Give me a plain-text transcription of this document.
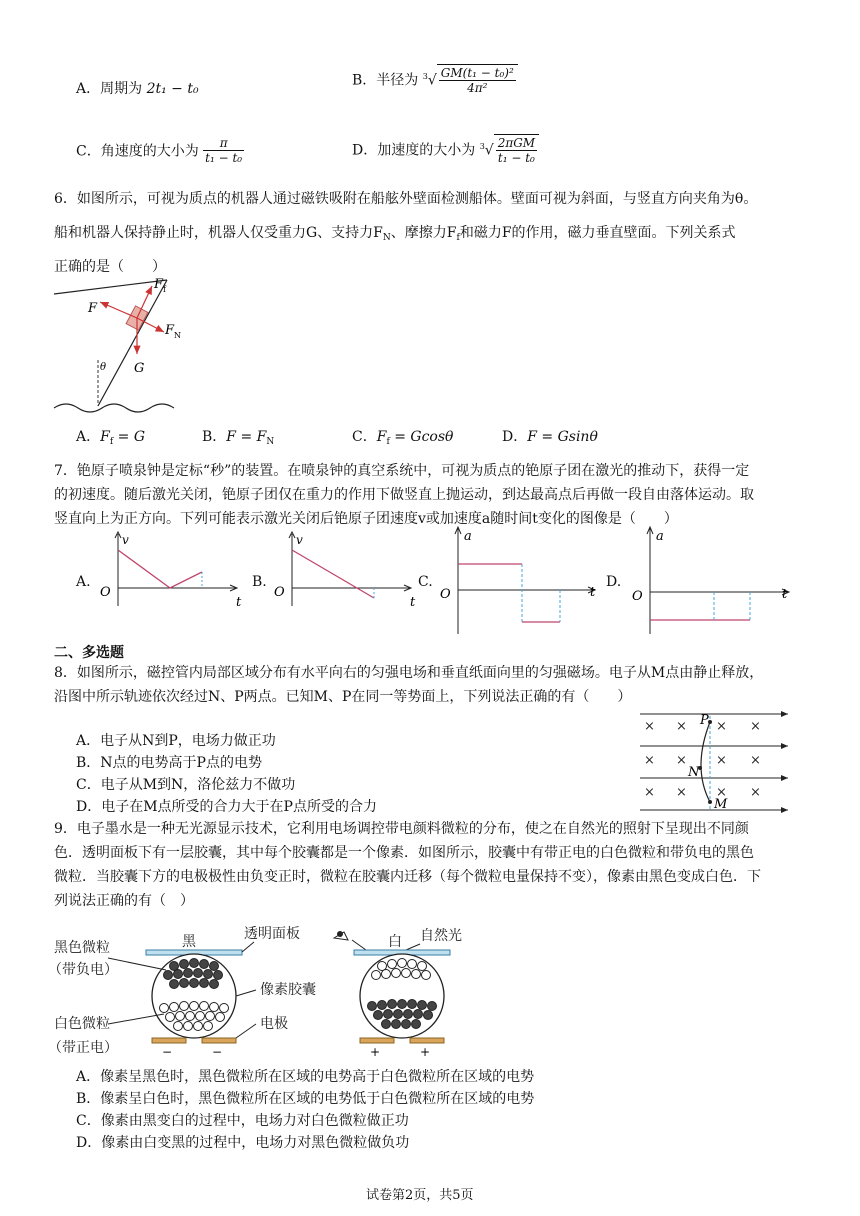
A．周期为 2t₁ − t₀
B．半径为 $^3√ \frac{\text{GM(t₁ − t₀)²}}{\text{4π²}}$
C．角速度的大小为 $\frac{\pi}{\text{t₁ − t₀}}$	D．加速度的大小为 $^3√ \frac{\text{2πGM}}{\text{t₁ − t₀}}$
6．如图所示，可视为质点的机器人通过磁铁吸附在船舷外壁面检测船体。壁面可视为斜面，与竖直方向夹角为θ。
船和机器人保持静止时，机器人仅受重力G、支持力$F_N$、摩擦力$F_f$和磁力F的作用，磁力垂直壁面。下列关系式
正确的是（　　）
F
F f
F N
G
θ
A．$F_f = G$	B．$F = F_N$	C．$F_f = Gcos\theta$	D．F = Gsinθ
7．铯原子喷泉钟是定标“秒”的装置。在喷泉钟的真空系统中，可视为质点的铯原子团在激光的推动下，获得一定
的初速度。随后激光关闭，铯原子团仅在重力的作用下做竖直上抛运动，到达最高点后再做一段自由落体运动。取
竖直向上为正方向。下列可能表示激光关闭后铯原子团速度v或加速度a随时间t变化的图像是（　　）
A.
v
t
O
B.
v
t
O
C.
a
t
O
D.
a
t
O
二、多选题
8．如图所示，磁控管内局部区域分布有水平向右的匀强电场和垂直纸面向里的匀强磁场。电子从M点由静止释放，
沿图中所示轨迹依次经过N、P两点。已知M、P在同一等势面上，下列说法正确的有（　　）
A．电子从N到P，电场力做正功
B．N点的电势高于P点的电势
C．电子从M到N，洛伦兹力不做功
D．电子在M点所受的合力大于在P点所受的合力
× × × ×
× × × ×
× × × ×
P
N
M
9．电子墨水是一种无光源显示技术，它利用电场调控带电颜料微粒的分布，使之在自然光的照射下呈现出不同颜
色．透明面板下有一层胶囊，其中每个胶囊都是一个像素．如图所示，胶囊中有带正电的白色微粒和带负电的黑色
微粒．当胶囊下方的电极极性由负变正时，微粒在胶囊内迁移（每个微粒电量保持不变），像素由黑色变成白色．下
列说法正确的有（　）
黑	透明面板
黑色微粒
（带负电）
像素胶囊
白色微粒	电极
（带正电）
白 自然光
−	−	+	+
A．像素呈黑色时，黑色微粒所在区域的电势高于白色微粒所在区域的电势
B．像素呈白色时，黑色微粒所在区域的电势低于白色微粒所在区域的电势
C．像素由黑变白的过程中，电场力对白色微粒做正功
D．像素由白变黑的过程中，电场力对黑色微粒做负功
试卷第2页，共5页
